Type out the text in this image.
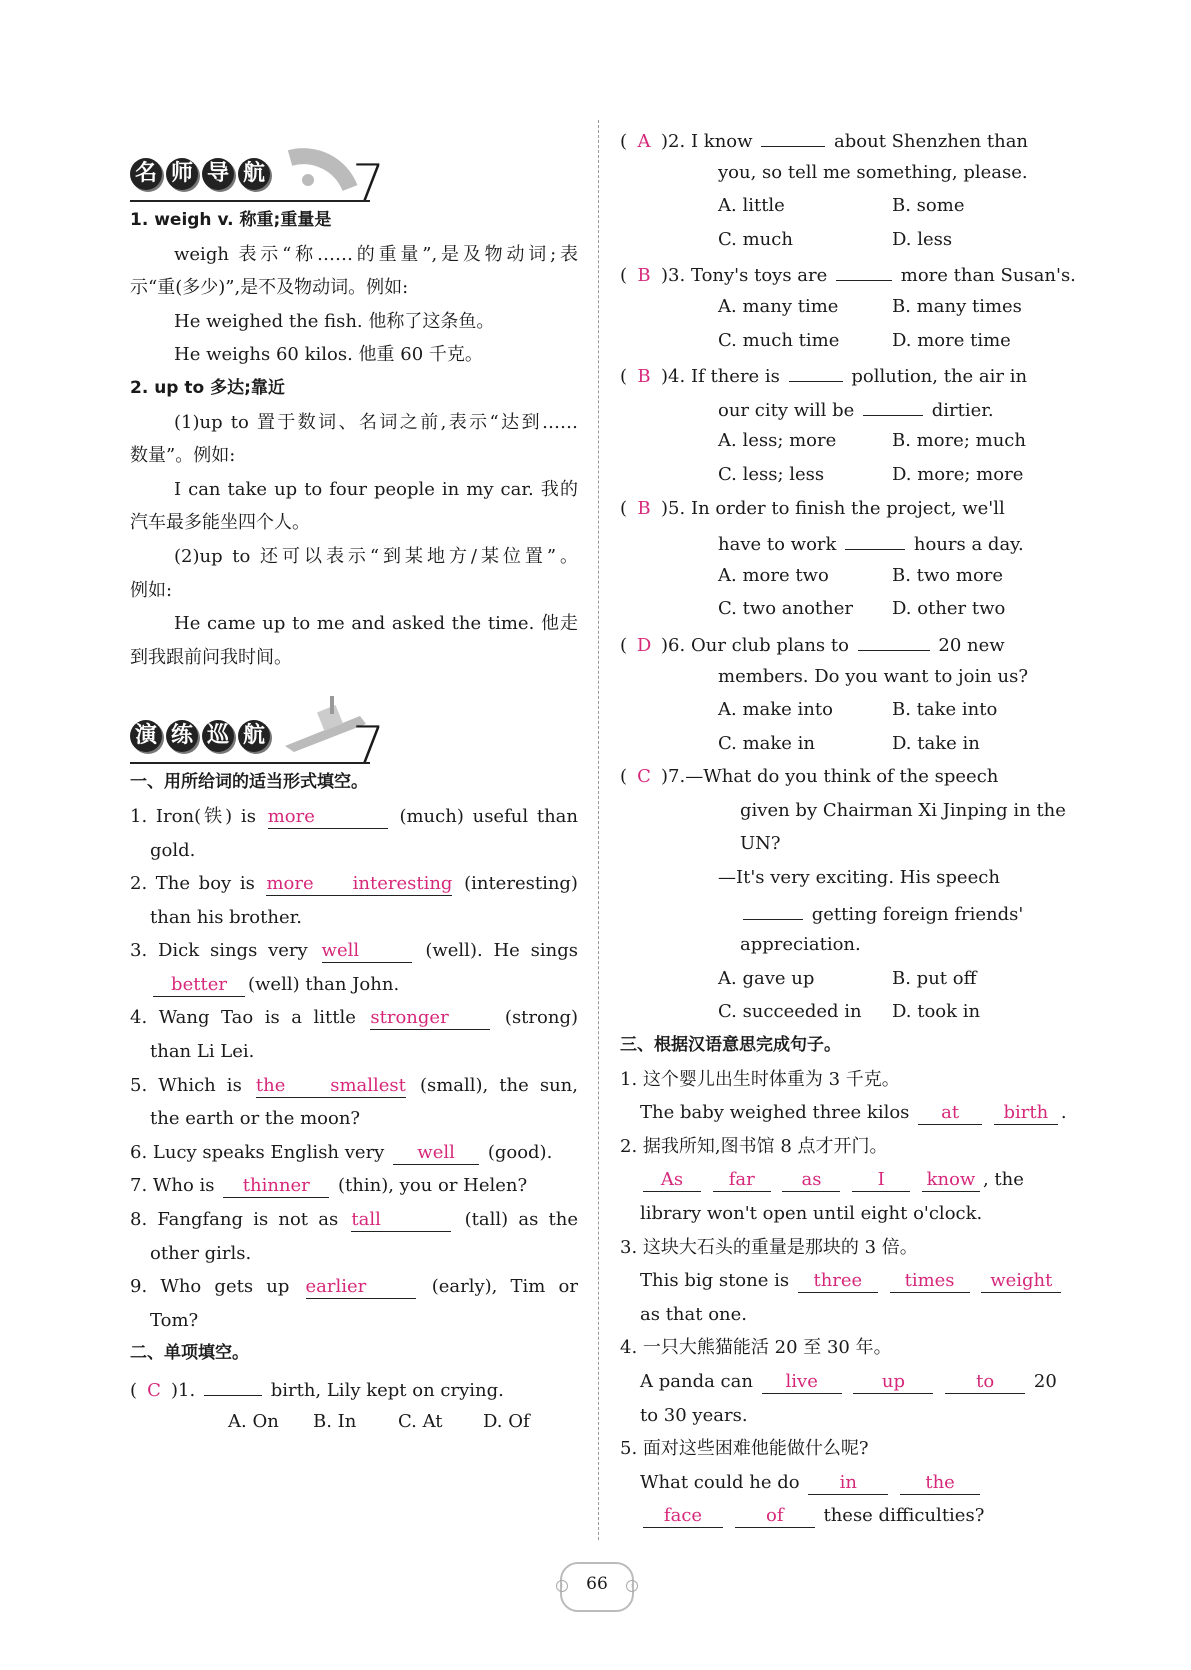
名 师 导 航 7
1. weigh v. 称重;重量是
weigh 表示“称……的重量”,是及物动词;表
示“重(多少)”,是不及物动词。例如:
He weighed the fish. 他称了这条鱼。
He weighs 60 kilos. 他重 60 千克。
2. up to 多达;靠近
(1)up to 置于数词、名词之前,表示“达到……
数量”。例如:
I can take up to four people in my car. 我的
汽车最多能坐四个人。
(2)up to 还可以表示“到某地方/某位置”。
例如:
He came up to me and asked the time. 他走
到我跟前问我时间。
演 练 巡 航 7
一、用所给词的适当形式填空。
1. Iron(铁) is more	(much) useful than
gold.
2. The boy is more interesting (interesting)
than his brother.
3. Dick sings very well	(well). He sings
better (well) than John.
4. Wang Tao is a little stronger	(strong)
than Li Lei.
5. Which is the smallest (small), the sun,
the earth or the moon?
6. Lucy speaks English very well (good).
7. Who is thinner (thin), you or Helen?
8. Fangfang is not as tall	(tall) as the
other girls.
9. Who gets up earlier	(early), Tim or
Tom?
二、单项填空。
( C )1.	birth, Lily kept on crying.
A. On	B. In	C. At	D. Of
( A )2. I know	about Shenzhen than
you, so tell me something, please.
A. little	B. some
C. much	D. less
( B )3. Tony's toys are	more than Susan's.
A. many time	B. many times
C. much time	D. more time
( B )4. If there is	pollution, the air in
our city will be	dirtier.
A. less; more	B. more; much
C. less; less	D. more; more
( B )5. In order to finish the project, we'll
have to work	hours a day.
A. more two	B. two more
C. two another	D. other two
( D )6. Our club plans to	20 new
members. Do you want to join us?
A. make into	B. take into
C. make in	D. take in
( C )7.—What do you think of the speech
given by Chairman Xi Jinping in the
UN?
—It's very exciting. His speech
getting foreign friends'
appreciation.
A. gave up	B. put off
C. succeeded in	D. took in
三、根据汉语意思完成句子。
1. 这个婴儿出生时体重为 3 千克。
The baby weighed three kilos at birth .
2. 据我所知,图书馆 8 点才开门。
As	far	as	I know , the
library won't open until eight o'clock.
3. 这块大石头的重量是那块的 3 倍。
This big stone is three times weight
as that one.
4. 一只大熊猫能活 20 至 30 年。
A panda can live	up	to 20
to 30 years.
5. 面对这些困难他能做什么呢?
What could he do in	the
face	of these difficulties?
‹ 66	›
